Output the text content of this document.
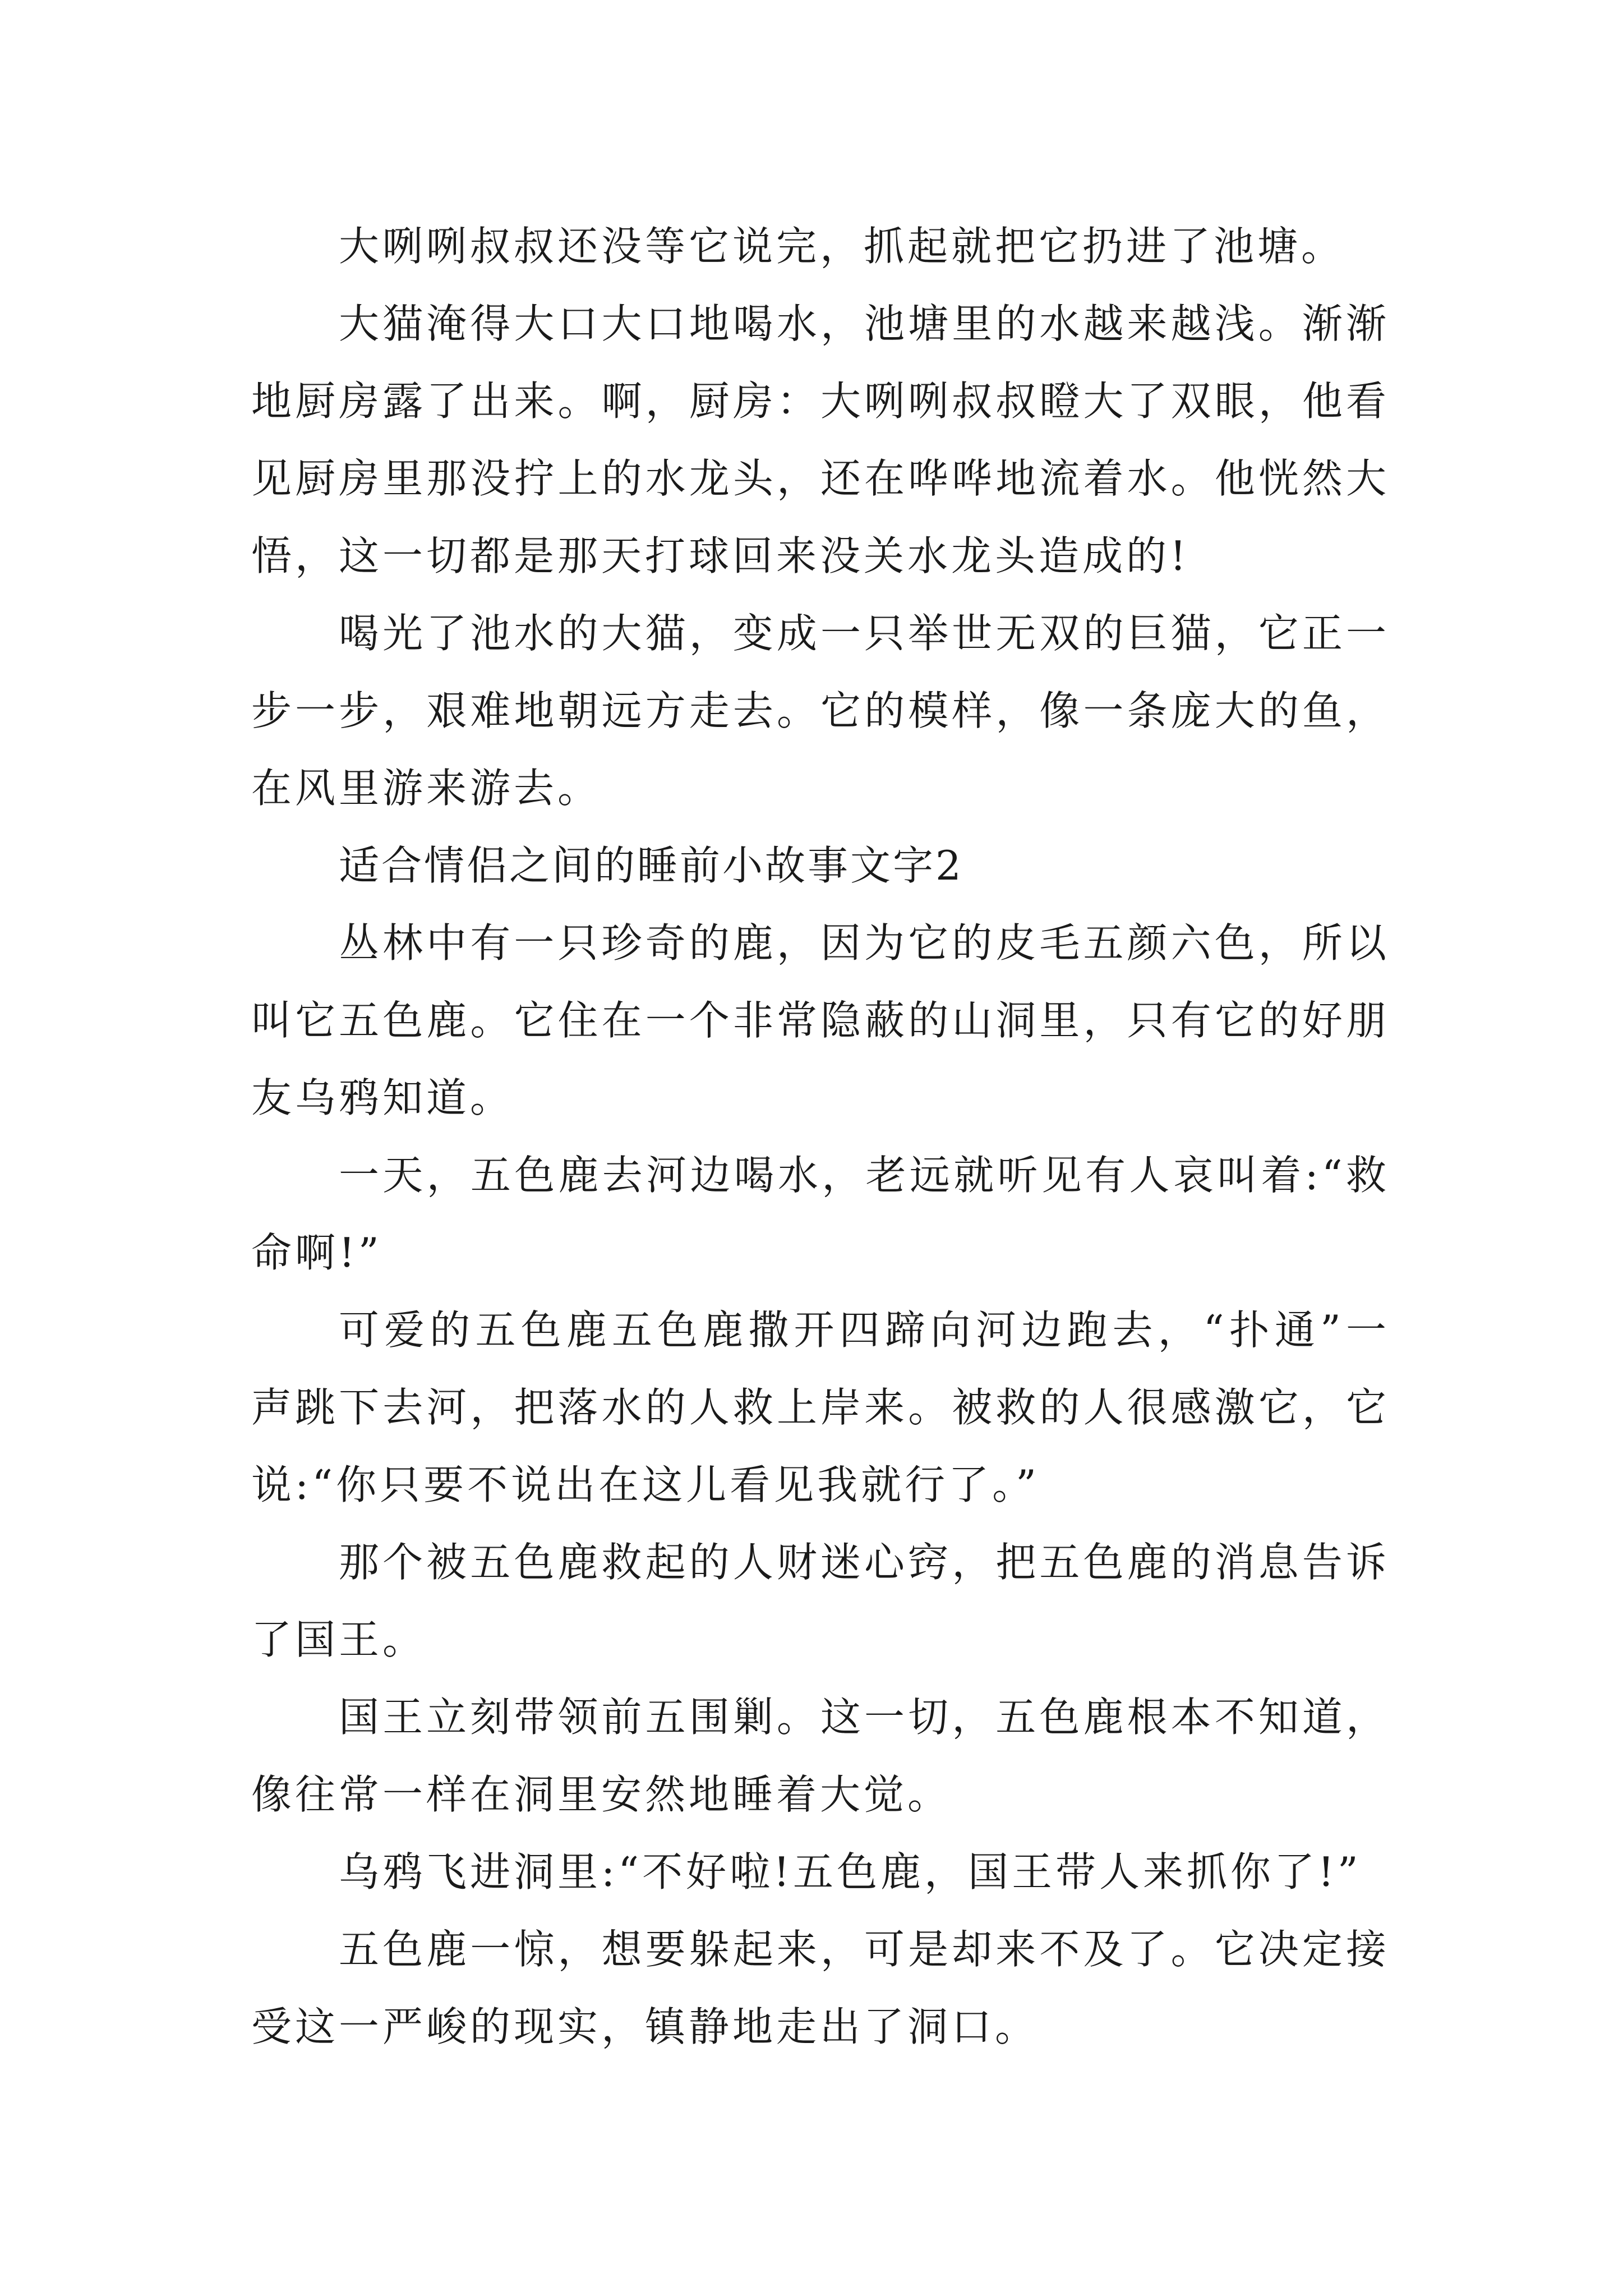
大咧咧叔叔还没等它说完，抓起就把它扔进了池塘。

大猫淹得大口大口地喝水，池塘里的水越来越浅。渐渐地厨房露了出来。啊，厨房：大咧咧叔叔瞪大了双眼，他看见厨房里那没拧上的水龙头，还在哗哗地流着水。他恍然大悟，这一切都是那天打球回来没关水龙头造成的!

喝光了池水的大猫，变成一只举世无双的巨猫，它正一步一步，艰难地朝远方走去。它的模样，像一条庞大的鱼，在风里游来游去。

适合情侣之间的睡前小故事文字2

丛林中有一只珍奇的鹿，因为它的皮毛五颜六色，所以叫它五色鹿。它住在一个非常隐蔽的山洞里，只有它的好朋友乌鸦知道。

一天，五色鹿去河边喝水，老远就听见有人哀叫着:“救命啊!”

可爱的五色鹿五色鹿撒开四蹄向河边跑去，“扑通”一声跳下去河，把落水的人救上岸来。被救的人很感激它，它说:“你只要不说出在这儿看见我就行了。”

那个被五色鹿救起的人财迷心窍，把五色鹿的消息告诉了国王。

国王立刻带领前五围剿。这一切，五色鹿根本不知道，像往常一样在洞里安然地睡着大觉。

乌鸦飞进洞里:“不好啦!五色鹿，国王带人来抓你了!”

五色鹿一惊，想要躲起来，可是却来不及了。它决定接受这一严峻的现实，镇静地走出了洞口。
